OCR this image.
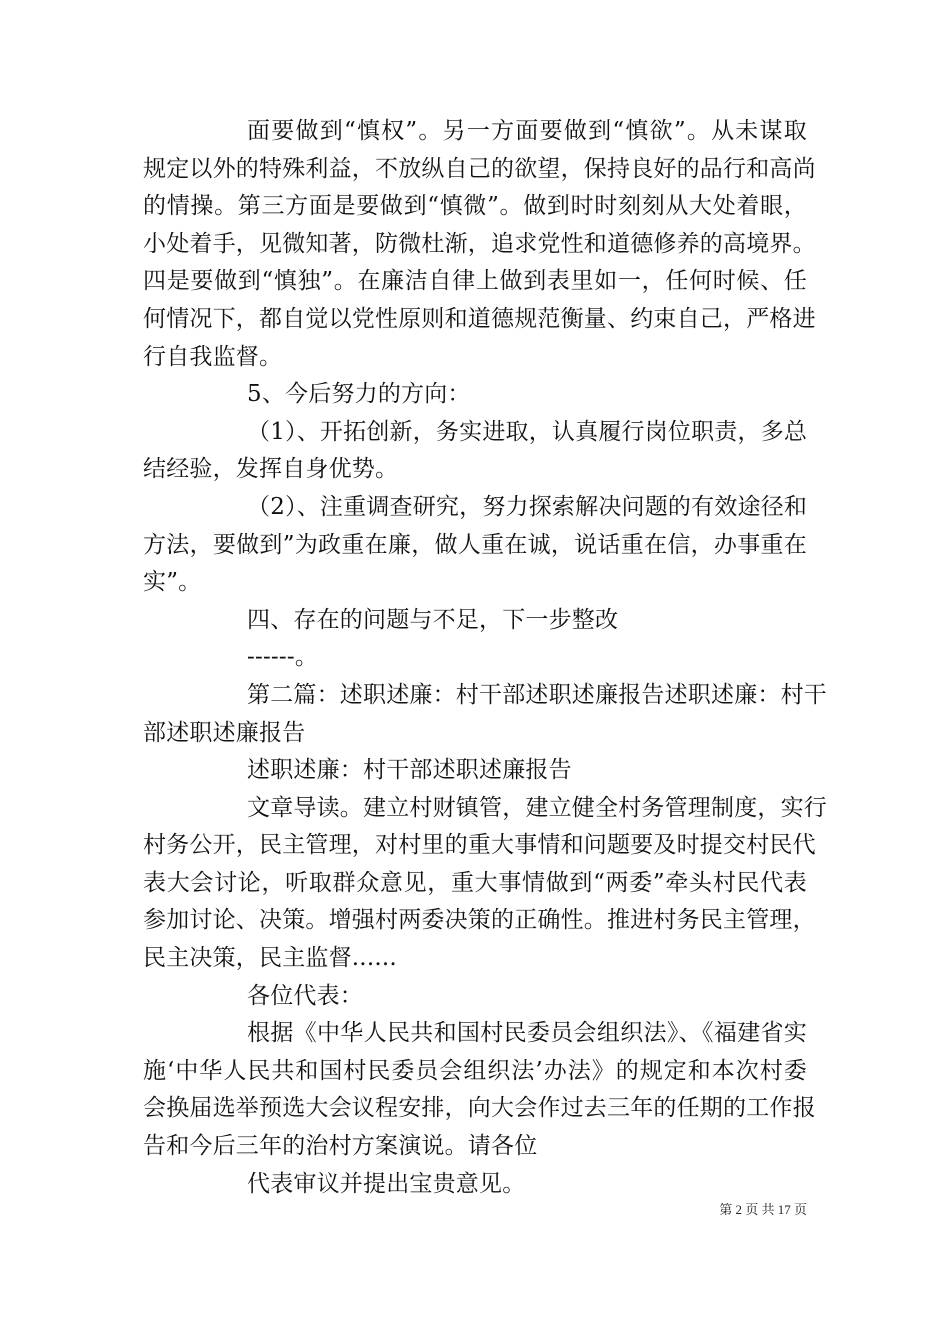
面要做到“慎权”。另一方面要做到“慎欲”。从未谋取
规定以外的特殊利益，不放纵自己的欲望，保持良好的品行和高尚
的情操。第三方面是要做到“慎微”。做到时时刻刻从大处着眼，
小处着手，见微知著，防微杜渐，追求党性和道德修养的高境界。
四是要做到“慎独”。在廉洁自律上做到表里如一，任何时候、任
何情况下，都自觉以党性原则和道德规范衡量、约束自己，严格进
行自我监督。
5、今后努力的方向：
（1）、开拓创新，务实进取，认真履行岗位职责，多总
结经验，发挥自身优势。
（2）、注重调查研究，努力探索解决问题的有效途径和
方法，要做到”为政重在廉，做人重在诚，说话重在信，办事重在
实”。
四、存在的问题与不足，下一步整改
------。
第二篇：述职述廉：村干部述职述廉报告述职述廉：村干
部述职述廉报告
述职述廉：村干部述职述廉报告
文章导读。建立村财镇管，建立健全村务管理制度，实行
村务公开，民主管理，对村里的重大事情和问题要及时提交村民代
表大会讨论，听取群众意见，重大事情做到“两委”牵头村民代表
参加讨论、决策。增强村两委决策的正确性。推进村务民主管理，
民主决策，民主监督......
各位代表：
根据《中华人民共和国村民委员会组织法》、《福建省实
施‘中华人民共和国村民委员会组织法’办法》的规定和本次村委
会换届选举预选大会议程安排，向大会作过去三年的任期的工作报
告和今后三年的治村方案演说。请各位
代表审议并提出宝贵意见。
第 2 页 共 17 页
